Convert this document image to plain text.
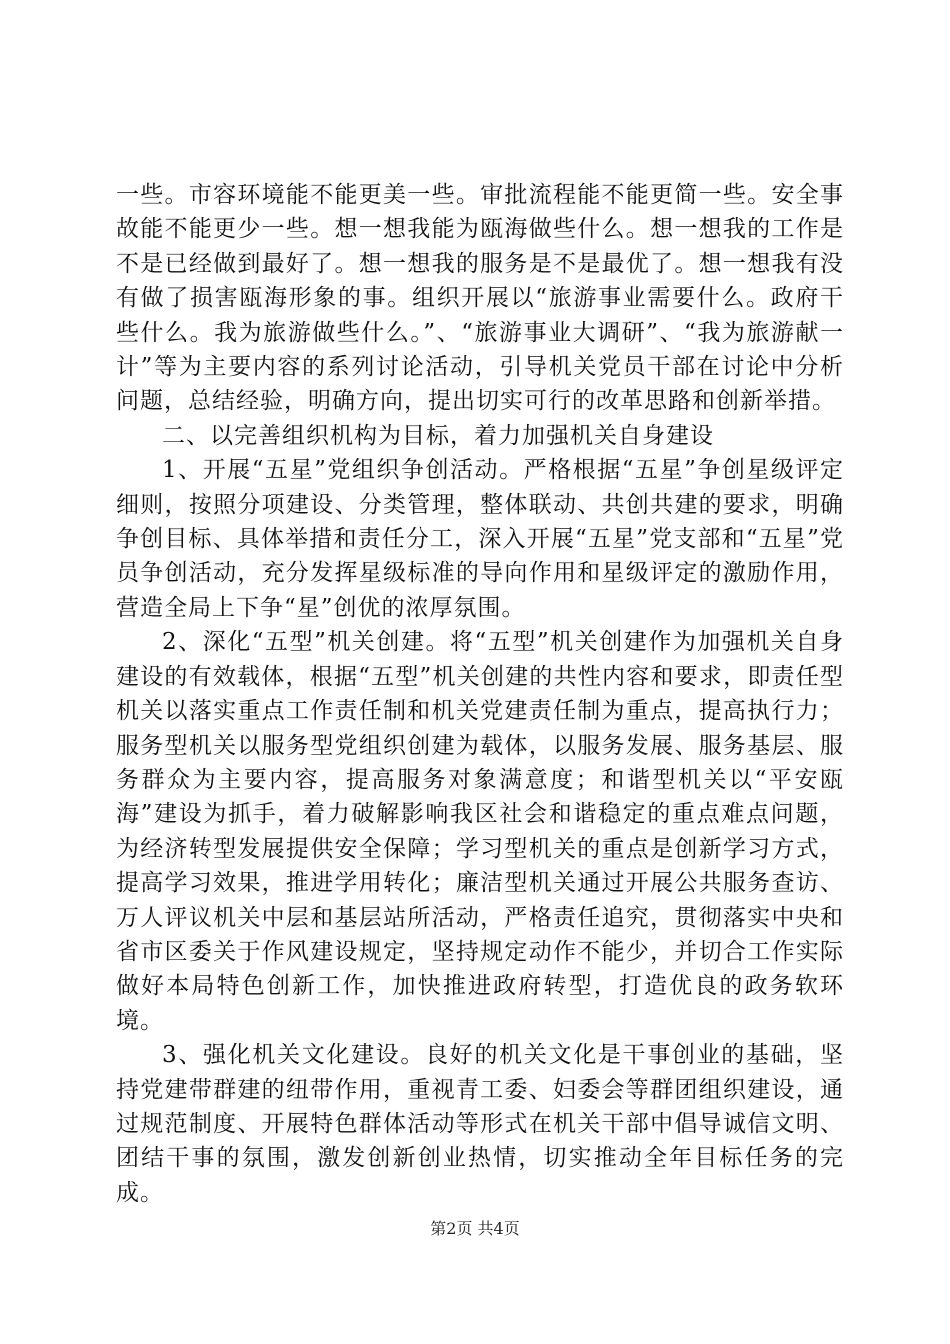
一些。市容环境能不能更美一些。审批流程能不能更简一些。安全事故能不能更少一些。想一想我能为瓯海做些什么。想一想我的工作是不是已经做到最好了。想一想我的服务是不是最优了。想一想我有没有做了损害瓯海形象的事。组织开展以“旅游事业需要什么。政府干些什么。我为旅游做些什么。”、“旅游事业大调研”、“我为旅游献一计”等为主要内容的系列讨论活动，引导机关党员干部在讨论中分析问题，总结经验，明确方向，提出切实可行的改革思路和创新举措。

二、以完善组织机构为目标，着力加强机关自身建设

1、开展“五星”党组织争创活动。严格根据“五星”争创星级评定细则，按照分项建设、分类管理，整体联动、共创共建的要求，明确争创目标、具体举措和责任分工，深入开展“五星”党支部和“五星”党员争创活动，充分发挥星级标准的导向作用和星级评定的激励作用，营造全局上下争“星”创优的浓厚氛围。

2、深化“五型”机关创建。将“五型”机关创建作为加强机关自身建设的有效载体，根据“五型”机关创建的共性内容和要求，即责任型机关以落实重点工作责任制和机关党建责任制为重点，提高执行力；服务型机关以服务型党组织创建为载体，以服务发展、服务基层、服务群众为主要内容，提高服务对象满意度；和谐型机关以“平安瓯海”建设为抓手，着力破解影响我区社会和谐稳定的重点难点问题，为经济转型发展提供安全保障；学习型机关的重点是创新学习方式，提高学习效果，推进学用转化；廉洁型机关通过开展公共服务查访、万人评议机关中层和基层站所活动，严格责任追究，贯彻落实中央和省市区委关于作风建设规定，坚持规定动作不能少，并切合工作实际做好本局特色创新工作，加快推进政府转型，打造优良的政务软环境。

3、强化机关文化建设。良好的机关文化是干事创业的基础，坚持党建带群建的纽带作用，重视青工委、妇委会等群团组织建设，通过规范制度、开展特色群体活动等形式在机关干部中倡导诚信文明、团结干事的氛围，激发创新创业热情，切实推动全年目标任务的完成。

第2页 共4页
